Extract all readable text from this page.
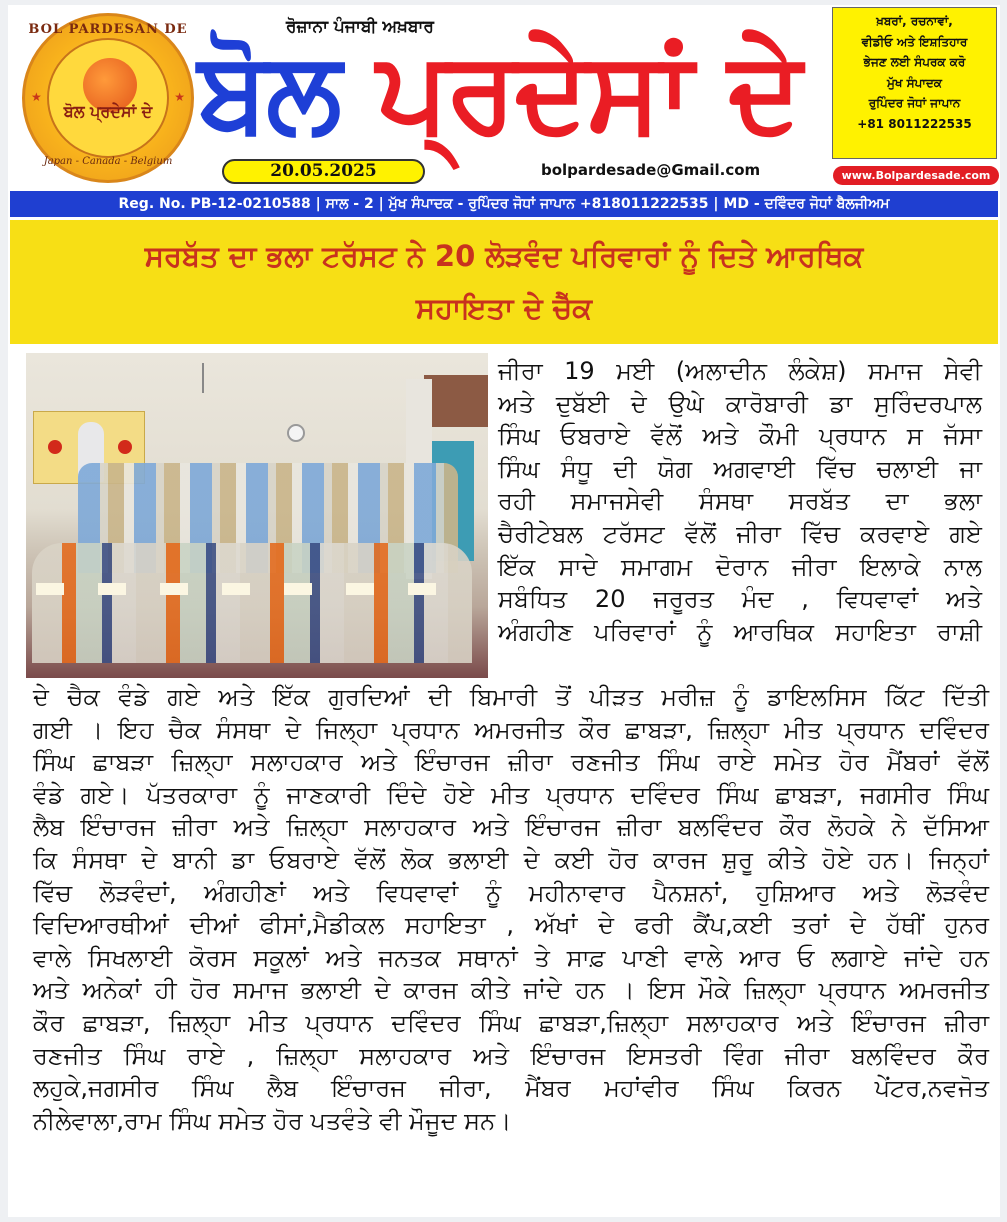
BOL PARDESAN DE
★	★
ਬੋਲ ਪ੍ਰਦੇਸਾਂ ਦੇ
Japan - Canada - Belgium
ਬੋਲ ਪ੍ਰਦੇਸਾਂ ਦੇ
ਰੋਜ਼ਾਨਾ ਪੰਜਾਬੀ ਅਖ਼ਬਾਰ
20.05.2025	bolpardesade@Gmail.com
ਖ਼ਬਰਾਂ, ਰਚਨਾਵਾਂ,
ਵੀਡੀਓ ਅਤੇ ਇਸ਼ਤਿਹਾਰ
ਭੇਜਣ ਲਈ ਸੰਪਰਕ ਕਰੋ
ਮੁੱਖ ਸੰਪਾਦਕ
ਰੁਪਿੰਦਰ ਜੋਧਾਂ ਜਾਪਾਨ
+81 8011222535
www.Bolpardesade.com
Reg. No. PB-12-0210588 | ਸਾਲ - 2 | ਮੁੱਖ ਸੰਪਾਦਕ - ਰੁਪਿੰਦਰ ਜੋਧਾਂ ਜਾਪਾਨ +818011222535 | MD - ਦਵਿੰਦਰ ਜੋਧਾਂ ਬੈਲਜੀਅਮ
ਸਰਬੱਤ ਦਾ ਭਲਾ ਟਰੱਸਟ ਨੇ 20 ਲੋੜਵੰਦ ਪਰਿਵਾਰਾਂ ਨੂੰ ਦਿਤੇ ਆਰਥਿਕ
ਸਹਾਇਤਾ ਦੇ ਚੈੱਕ
ਜੀਰਾ 19 ਮਈ (ਅਲਾਦੀਨ ਲੰਕੇਸ਼) ਸਮਾਜ ਸੇਵੀ
ਅਤੇ ਦੁਬੱਈ ਦੇ ਉਘੇ ਕਾਰੋਬਾਰੀ ਡਾ ਸੁਰਿੰਦਰਪਾਲ
ਸਿੰਘ ਓਬਰਾਏ ਵੱਲੋਂ ਅਤੇ ਕੌਮੀ ਪ੍ਰਧਾਨ ਸ ਜੱਸਾ
ਸਿੰਘ ਸੰਧੂ ਦੀ ਯੋਗ ਅਗਵਾਈ ਵਿੱਚ ਚਲਾਈ ਜਾ
ਰਹੀ ਸਮਾਜਸੇਵੀ ਸੰਸਥਾ ਸਰਬੱਤ ਦਾ ਭਲਾ
ਚੈਰੀਟੇਬਲ ਟਰੱਸਟ ਵੱਲੋਂ ਜੀਰਾ ਵਿੱਚ ਕਰਵਾਏ ਗਏ
ਇੱਕ ਸਾਦੇ ਸਮਾਗਮ ਦੋਰਾਨ ਜੀਰਾ ਇਲਾਕੇ ਨਾਲ
ਸਬੰਧਿਤ 20 ਜਰੂਰਤ ਮੰਦ , ਵਿਧਵਾਵਾਂ ਅਤੇ
ਅੰਗਹੀਣ ਪਰਿਵਾਰਾਂ ਨੂੰ ਆਰਥਿਕ ਸਹਾਇਤਾ ਰਾਸ਼ੀ
ਦੇ ਚੈਕ ਵੰਡੇ ਗਏ ਅਤੇ ਇੱਕ ਗੁਰਦਿਆਂ ਦੀ ਬਿਮਾਰੀ ਤੋਂ ਪੀੜਤ ਮਰੀਜ਼ ਨੂੰ ਡਾਇਲਸਿਸ ਕਿੱਟ ਦਿੱਤੀ
ਗਈ । ਇਹ ਚੈਕ ਸੰਸਥਾ ਦੇ ਜਿਲ੍ਹਾ ਪ੍ਰਧਾਨ ਅਮਰਜੀਤ ਕੌਰ ਛਾਬੜਾ, ਜ਼ਿਲ੍ਹਾ ਮੀਤ ਪ੍ਰਧਾਨ ਦਵਿੰਦਰ
ਸਿੰਘ ਛਾਬੜਾ ਜ਼ਿਲ੍ਹਾ ਸਲਾਹਕਾਰ ਅਤੇ ਇੰਚਾਰਜ ਜ਼ੀਰਾ ਰਣਜੀਤ ਸਿੰਘ ਰਾਏ ਸਮੇਤ ਹੋਰ ਮੈਂਬਰਾਂ ਵੱਲੋਂ
ਵੰਡੇ ਗਏ। ਪੱਤਰਕਾਰਾ ਨੂੰ ਜਾਣਕਾਰੀ ਦਿੰਦੇ ਹੋਏ ਮੀਤ ਪ੍ਰਧਾਨ ਦਵਿੰਦਰ ਸਿੰਘ ਛਾਬੜਾ, ਜਗਸੀਰ ਸਿੰਘ
ਲੈਬ ਇੰਚਾਰਜ ਜ਼ੀਰਾ ਅਤੇ ਜ਼ਿਲ੍ਹਾ ਸਲਾਹਕਾਰ ਅਤੇ ਇੰਚਾਰਜ ਜ਼ੀਰਾ ਬਲਵਿੰਦਰ ਕੌਰ ਲੋਹਕੇ ਨੇ ਦੱਸਿਆ
ਕਿ ਸੰਸਥਾ ਦੇ ਬਾਨੀ ਡਾ ਓਬਰਾਏ ਵੱਲੋਂ ਲੋਕ ਭਲਾਈ ਦੇ ਕਈ ਹੋਰ ਕਾਰਜ ਸ਼ੁਰੂ ਕੀਤੇ ਹੋਏ ਹਨ। ਜਿਨ੍ਹਾਂ
ਵਿੱਚ ਲੋੜਵੰਦਾਂ, ਅੰਗਹੀਣਾਂ ਅਤੇ ਵਿਧਵਾਵਾਂ ਨੂੰ ਮਹੀਨਾਵਾਰ ਪੈਨਸ਼ਨਾਂ, ਹੁਸ਼ਿਆਰ ਅਤੇ ਲੋੜਵੰਦ
ਵਿਦਿਆਰਥੀਆਂ ਦੀਆਂ ਫੀਸਾਂ,ਮੈਡੀਕਲ ਸਹਾਇਤਾ , ਅੱਖਾਂ ਦੇ ਫਰੀ ਕੈਂਪ,ਕਈ ਤਰਾਂ ਦੇ ਹੱਥੀਂ ਹੁਨਰ
ਵਾਲੇ ਸਿਖਲਾਈ ਕੋਰਸ ਸਕੂਲਾਂ ਅਤੇ ਜਨਤਕ ਸਥਾਨਾਂ ਤੇ ਸਾਫ਼ ਪਾਣੀ ਵਾਲੇ ਆਰ ਓ ਲਗਾਏ ਜਾਂਦੇ ਹਨ
ਅਤੇ ਅਨੇਕਾਂ ਹੀ ਹੋਰ ਸਮਾਜ ਭਲਾਈ ਦੇ ਕਾਰਜ ਕੀਤੇ ਜਾਂਦੇ ਹਨ । ਇਸ ਮੌਕੇ ਜ਼ਿਲ੍ਹਾ ਪ੍ਰਧਾਨ ਅਮਰਜੀਤ
ਕੌਰ ਛਾਬੜਾ, ਜ਼ਿਲ੍ਹਾ ਮੀਤ ਪ੍ਰਧਾਨ ਦਵਿੰਦਰ ਸਿੰਘ ਛਾਬੜਾ,ਜ਼ਿਲ੍ਹਾ ਸਲਾਹਕਾਰ ਅਤੇ ਇੰਚਾਰਜ ਜ਼ੀਰਾ
ਰਣਜੀਤ ਸਿੰਘ ਰਾਏ , ਜ਼ਿਲ੍ਹਾ ਸਲਾਹਕਾਰ ਅਤੇ ਇੰਚਾਰਜ ਇਸਤਰੀ ਵਿੰਗ ਜੀਰਾ ਬਲਵਿੰਦਰ ਕੌਰ
ਲਹੁਕੇ,ਜਗਸੀਰ ਸਿੰਘ ਲੈਬ ਇੰਚਾਰਜ ਜੀਰਾ, ਮੈਂਬਰ ਮਹਾਂਵੀਰ ਸਿੰਘ ਕਿਰਨ ਪੇਂਟਰ,ਨਵਜੋਤ
ਨੀਲੇਵਾਲਾ,ਰਾਮ ਸਿੰਘ ਸਮੇਤ ਹੋਰ ਪਤਵੰਤੇ ਵੀ ਮੌਜੂਦ ਸਨ।
